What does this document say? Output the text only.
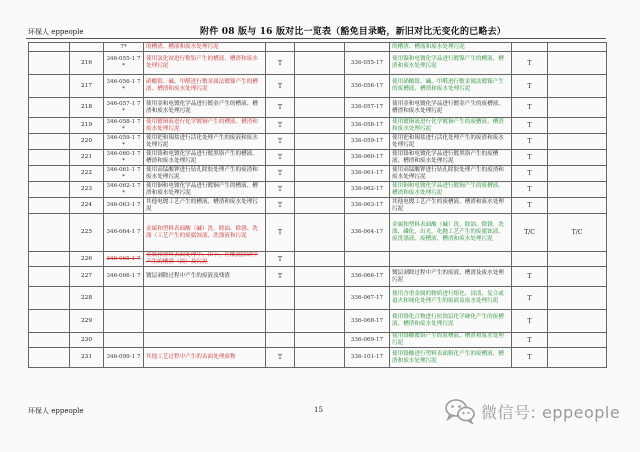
环保人 eppeople	附件 08 版与 16 版对比一览表（豁免目录略，新旧对比无变化的已略去）
		7*	的槽渣、槽液和废水处理污泥				的槽渣、槽液和废水处理污泥		
	216	346-055-1 7*	使用氯化铵进行敷铝产生的槽液、槽渣和废水处理污泥	T		336-055-17	使用镍和电镀化学品进行镀镍产生的槽液、槽渣和废水处理污泥	T	
	217	346-056-1 7*	硝酸银、碱、甲醛进行敷金属法镀镍产生的槽液、槽渣和废水处理污泥	T		336-056-17	使用硝酸银、碱、甲醛进行敷金属法镀镍产生的废槽液、槽渣和废水处理污泥	T	
	218	346-057-1 7*	使用金和电镀化学品进行镀金产生的槽液、槽渣和废水处理污泥	T		336-057-17	使用金和电镀化学品进行镀金产生的废槽液、槽渣和废水处理污泥	T	
	219	346-058-1 7*	使用镀铜液进行化学镀铜产生的槽液、槽渣和废水处理污泥	T		336-058-17	使用镀铜液进行化学镀铜产生的废槽液、槽渣和废水处理污泥	T	
	220	346-059-1 7*	使用钯和锡盐进行活化处理产生的废液和废水处理污泥	T		336-059-17	使用钯和锡盐进行活化处理产生的废渣和废水处理污泥	T	
	221	346-060-1 7*	使用铬和电镀化学品进行镀黑铬产生的槽液、槽渣和废水处理污泥	T		336-060-17	使用铬和电镀化学品进行镀黑铬产生的废槽液、槽渣和废水处理污泥	T	
	222	346-061-1 7*	使用高锰酸钾进行钻孔除胶处理产生的废渣和废水处理污泥	T		336-061-17	使用高锰酸钾进行钻孔除胶处理产生的废渣和废水处理污泥	T	
	223	346-062-1 7*	使用铜和电镀化学品进行镀铜产生的槽液、槽渣和废水处理污泥	T		336-062-17	使用铜和电镀化学品进行镀铜产生的废槽液、槽渣和废水处理污泥	T	
	224	346-063-1 7	其他电镀工艺产生的槽液、槽渣和废水处理污泥	T		336-063-17	其他电镀工艺产生的废槽液、槽渣和废水处理污泥	T	
	225	346-064-1 7	金属和塑料表面酸（碱）洗、除油、除锈、洗涤（工艺产生的废腐蚀液、洗涤液和污泥	T		336-064-17	金属和塑料表面酸（碱）洗、除油、除锈、洗涤、磷化、出光、化抛工艺产生的废腐蚀液、废洗涤液、废槽液、槽渣和废水处理污泥	T/C	T/C
	226	346-065-1 7	金属和塑料表面处理中，由于，在酸洗除锈中产生的槽渣（液）及污泥	T					
	227	346-066-1 7	镀层剥除过程中产生的废液及残渣	T		336-066-17	镀层剥除过程中产生的废液、槽渣及废水处理污泥	T	
	228					336-067-17	使用含重金属的物质进行熔化、浸渍、复合或退火和钝化处理产生的废液及废水处理污泥	T	
	229					336-068-17	使用铬化合物进行抗蚀层化学硬化产生的废槽液、槽渣和废水处理污泥	T	
	230					336-069-17	使用铬酸镀铬产生的废槽液、槽渣和废水处理污泥	T	
	231	346-099-1 7	其他工艺过程中产生的表面处理废物	T		336-101-17	使用铬酸进行塑料表面粗化产生的废槽液、槽渣和废水处理污泥	T	
环保人 eppeople	15	微信号: eppeople
